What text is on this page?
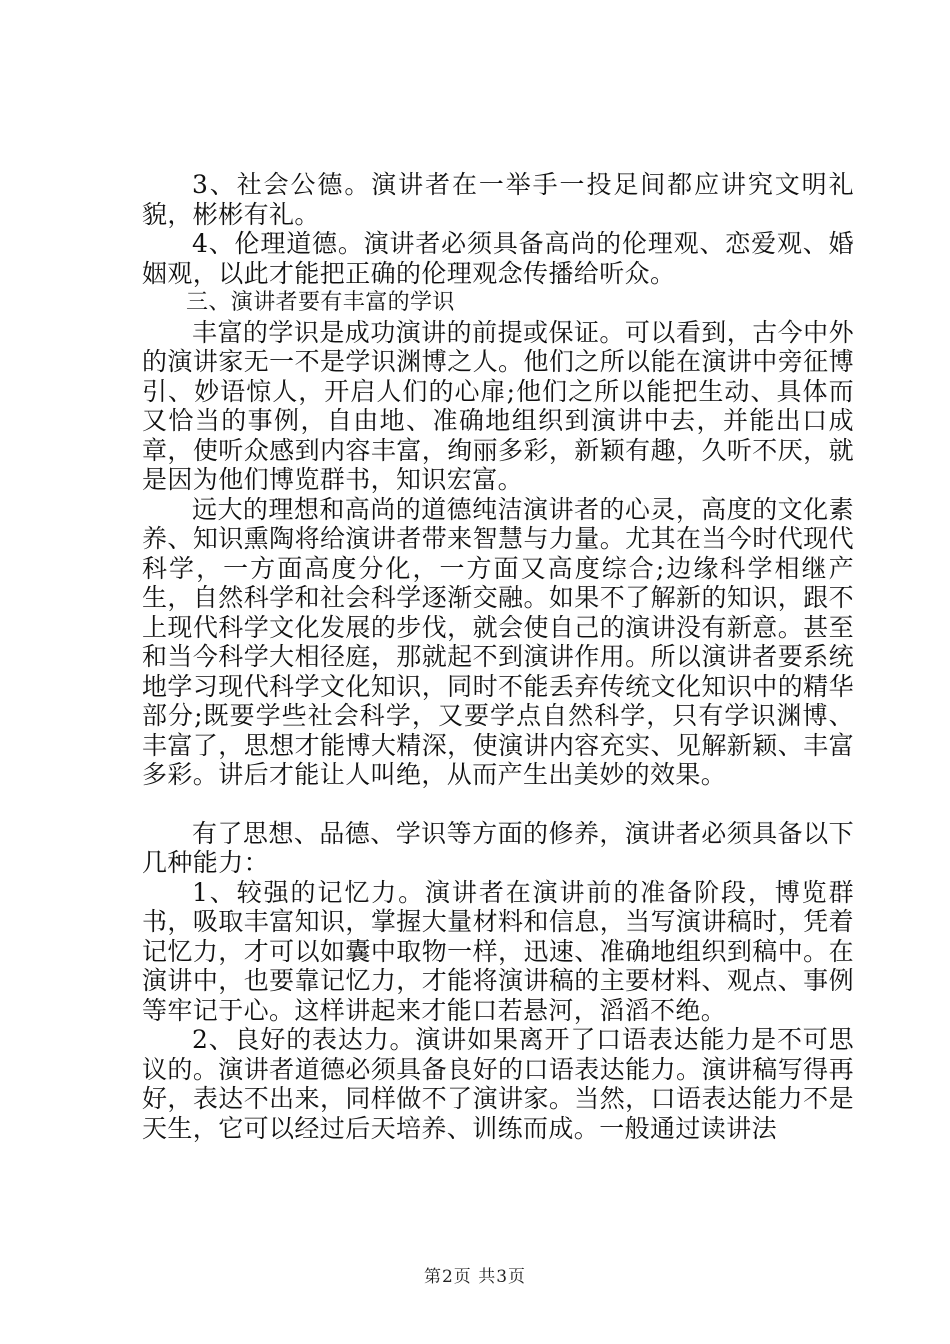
3、社会公德。演讲者在一举手一投足间都应讲究文明礼貌，彬彬有礼。

4、伦理道德。演讲者必须具备高尚的伦理观、恋爱观、婚姻观，以此才能把正确的伦理观念传播给听众。

三、演讲者要有丰富的学识

丰富的学识是成功演讲的前提或保证。可以看到，古今中外的演讲家无一不是学识渊博之人。他们之所以能在演讲中旁征博引、妙语惊人，开启人们的心扉;他们之所以能把生动、具体而又恰当的事例，自由地、准确地组织到演讲中去，并能出口成章，使听众感到内容丰富，绚丽多彩，新颖有趣，久听不厌，就是因为他们博览群书，知识宏富。

远大的理想和高尚的道德纯洁演讲者的心灵，高度的文化素养、知识熏陶将给演讲者带来智慧与力量。尤其在当今时代现代科学，一方面高度分化，一方面又高度综合;边缘科学相继产生，自然科学和社会科学逐渐交融。如果不了解新的知识，跟不上现代科学文化发展的步伐，就会使自己的演讲没有新意。甚至和当今科学大相径庭，那就起不到演讲作用。所以演讲者要系统地学习现代科学文化知识，同时不能丢弃传统文化知识中的精华部分;既要学些社会科学，又要学点自然科学，只有学识渊博、丰富了，思想才能博大精深，使演讲内容充实、见解新颖、丰富多彩。讲后才能让人叫绝，从而产生出美妙的效果。

有了思想、品德、学识等方面的修养，演讲者必须具备以下几种能力：

1、较强的记忆力。演讲者在演讲前的准备阶段，博览群书，吸取丰富知识，掌握大量材料和信息，当写演讲稿时，凭着记忆力，才可以如囊中取物一样，迅速、准确地组织到稿中。在演讲中，也要靠记忆力，才能将演讲稿的主要材料、观点、事例等牢记于心。这样讲起来才能口若悬河，滔滔不绝。

2、良好的表达力。演讲如果离开了口语表达能力是不可思议的。演讲者道德必须具备良好的口语表达能力。演讲稿写得再好，表达不出来，同样做不了演讲家。当然，口语表达能力不是天生，它可以经过后天培养、训练而成。一般通过读讲法

第2页 共3页
